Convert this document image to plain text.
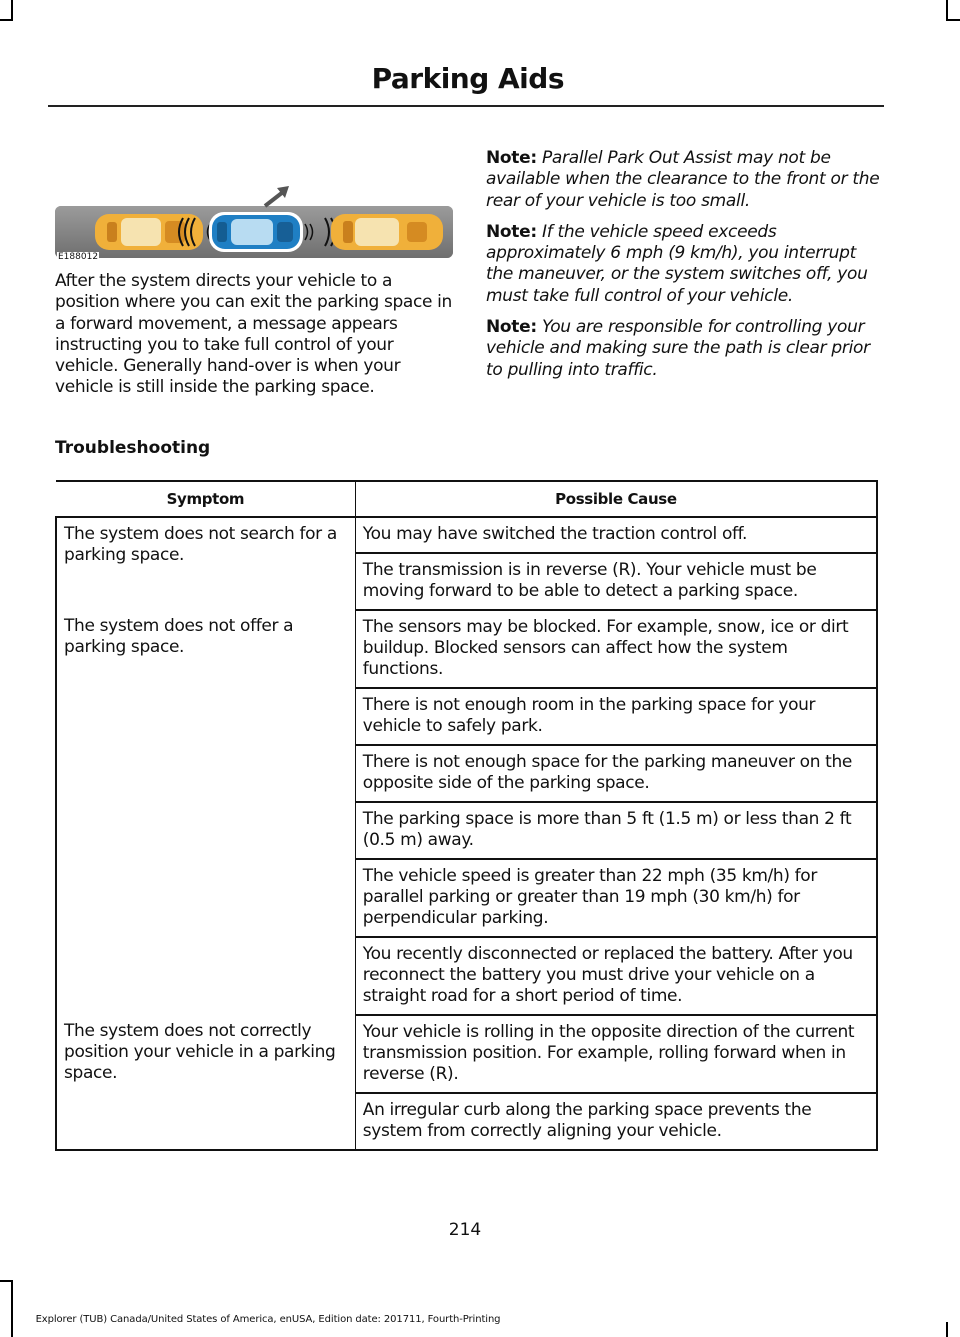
Parking Aids
E188012

After the system directs your vehicle to a position where you can exit the parking space in a forward movement, a message appears instructing you to take full control of your vehicle. Generally hand-over is when your vehicle is still inside the parking space.

Note: Parallel Park Out Assist may not be available when the clearance to the front or the rear of your vehicle is too small.

Note: If the vehicle speed exceeds approximately 6 mph (9 km/h), you interrupt the maneuver, or the system switches off, you must take full control of your vehicle.

Note: You are responsible for controlling your vehicle and making sure the path is clear prior to pulling into traffic.

Troubleshooting
Symptom	Possible Cause
The system does not search for a parking space.	You may have switched the traction control off.
	The transmission is in reverse (R). Your vehicle must be moving forward to be able to detect a parking space.
The system does not offer a parking space.	The sensors may be blocked. For example, snow, ice or dirt buildup. Blocked sensors can affect how the system functions.
	There is not enough room in the parking space for your vehicle to safely park.
	There is not enough space for the parking maneuver on the opposite side of the parking space.
	The parking space is more than 5 ft (1.5 m) or less than 2 ft (0.5 m) away.
	The vehicle speed is greater than 22 mph (35 km/h) for parallel parking or greater than 19 mph (30 km/h) for perpendicular parking.
	You recently disconnected or replaced the battery. After you reconnect the battery you must drive your vehicle on a straight road for a short period of time.
The system does not correctly position your vehicle in a parking space.	Your vehicle is rolling in the opposite direction of the current transmission position. For example, rolling forward when in reverse (R).
	An irregular curb along the parking space prevents the system from correctly aligning your vehicle.
214
Explorer (TUB) Canada/United States of America, enUSA, Edition date: 201711, Fourth-Printing
